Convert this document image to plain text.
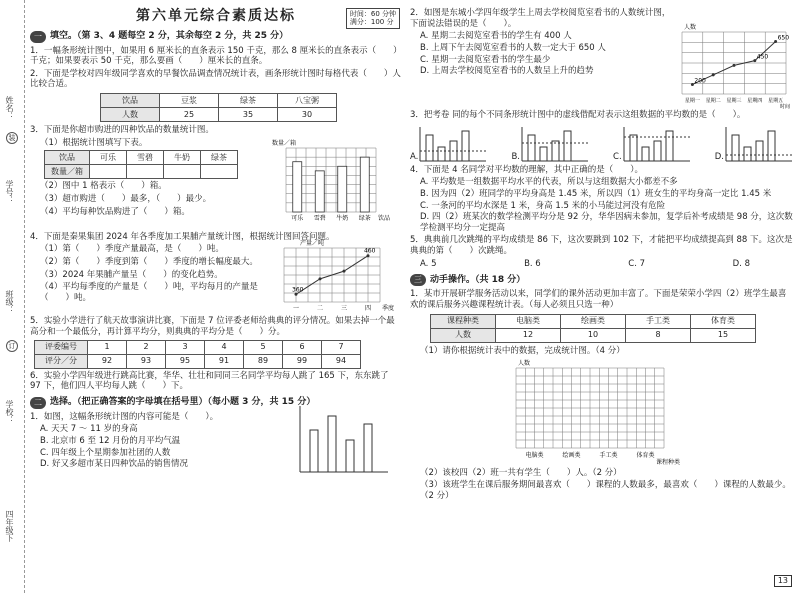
姓名：
装
学号：
班级：
订
学校：
四年级下
第六单元综合素质达标	时间：60 分钟
满分：100 分
一 填空。（第 3、4 题每空 2 分，其余每空 2 分，共 25 分）
1．一幅条形统计图中，如果用 6 厘米长的直条表示 150 千克，那么 8 厘米长的直条表示（　　）千克；如果要表示 50 千克，那么要画（　　）厘米长的直条。
2．下面是学校对四年级同学喜欢的早餐饮品调查情况统计表，画条形统计图时每格代表（　　）人比较合适。
饮品	豆浆	绿茶	八宝粥
人数	25	35	30
3．下面是你超市购进的四种饮品的数量统计图。
（1）根据统计图填写下表。
饮品	可乐	雪碧	牛奶	绿茶
数量／箱				
（2）图中 1 格表示（　　）箱。
（3）超市购进（　　）最多，（　　）最少。
（4）平均每种饮品购进了（　　）箱。
数量／箱
可乐 雪碧 牛奶 绿茶 饮品
4．下面是秦果集团 2024 年各季度加工果脯产量统计图，根据统计图回答问题。
（1）第（　　）季度产量最高，是（　　）吨。
（2）第（　　）季度到第（　　）季度的增长幅度最大。
（3）2024 年果脯产量呈（　　）的变化趋势。
（4）平均每季度的产量是（　　）吨，平均每月的产量是（　　）吨。
产量／吨
360
一	二	三
460
四 季度
5．实验小学进行了航天故事演讲比赛，下面是 7 位评委老师给典典的评分情况。如果去掉一个最高分和一个最低分，再计算平均分，则典典的平均分是（　　）分。
评委编号	1	2	3	4	5	6	7
评分／分	92	93	95	91	89	99	94
6．实验小学四年级进行跳高比赛，华华、壮壮和同同三名同学平均每人跳了 165 下，东东跳了 97 下，他们四人平均每人跳（　　）下。
二 选择。（把正确答案的字母填在括号里）（每小题 3 分，共 15 分）
1．如图，这幅条形统计图的内容可能是（　　）。
A. 天天 7 ～ 11 岁的身高
B. 北京市 6 至 12 月份的月平均气温
C. 四年级上个星期参加社团的人数
D. 好又多超市某日四种饮品的销售情况
2．如图是东城小学四年级学生上周去学校阅览室看书的人数统计图，下面说法错误的是（　　）。
A. 星期二去阅览室看书的学生有 400 人
B. 上周下午去阅览室看书的人数一定大于 650 人
C. 星期一去阅览室看书的学生最少
D. 上周去学校阅览室看书的人数呈上升的趋势
人数
200
星期一 星期二 星期三
450
星期四
650
星期五
时间
3．把考卷 同的每个不同条形统计图中的虚线借配对表示这组数据的平均数的是（　　）。
A.	B.	C.	D.
4．下面是 4 名同学对平均数的理解，其中正确的是（　　）。
A. 平均数是一组数据平均水平的代表，所以与这组数据大小都差不多
B. 因为四（2）班同学的平均身高是 1.45 米，所以四（1）班女生的平均身高一定比 1.45 米
C. 一条河的平均水深是 1 米，身高 1.5 米的小马能过河没有危险
D. 四（2）班某次的数学检测平均分是 92 分，华华因病未参加，复学后补考成绩是 98 分，这次数学检测平均分一定提高
5．典典前几次跳绳的平均成绩是 86 下，这次要跳到 102 下，才能把平均成绩提高到 88 下。这次是典典的第（　　）次跳绳。
A. 5	B. 6	C. 7	D. 8
三 动手操作。（共 18 分）
1．某市开展研学服务活动以来，同学们的课外活动更加丰富了。下面是荣荣小学四（2）班学生最喜欢的课后服务兴趣课程统计表。（每人必须且只选一种）
课程种类	电脑类	绘画类	手工类	体育类
人数	12	10	8	15
（1）请你根据统计表中的数据，完成统计图。（4 分）
人数
电脑类	绘画类	手工类	体育类
课程种类
（2）该校四（2）班一共有学生（　　）人。（2 分）
（3）该班学生在课后服务期间最喜欢（　　）课程的人数最多，最喜欢（　　）课程的人数最少。（2 分）
13
